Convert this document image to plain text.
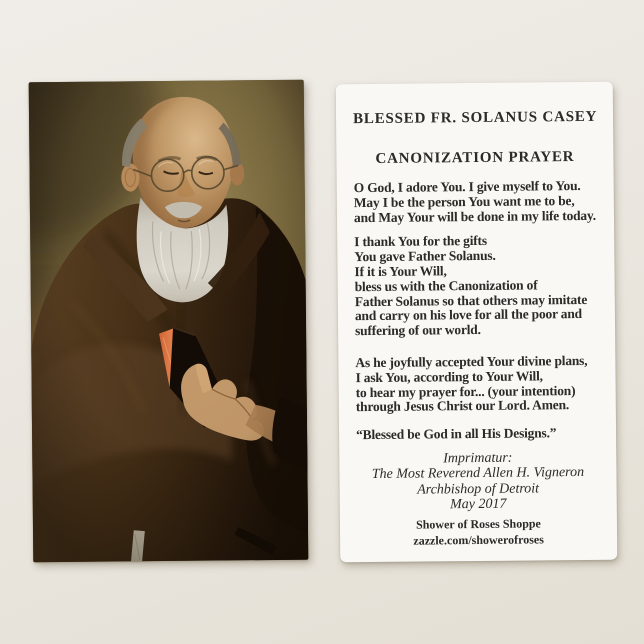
BLESSED FR. SOLANUS CASEY
CANONIZATION PRAYER
O God, I adore You. I give myself to You.
May I be the person You want me to be,
and May Your will be done in my life today.
I thank You for the gifts
You gave Father Solanus.
If it is Your Will,
bless us with the Canonization of
Father Solanus so that others may imitate
and carry on his love for all the poor and
suffering of our world.
As he joyfully accepted Your divine plans,
I ask You, according to Your Will,
to hear my prayer for... (your intention)
through Jesus Christ our Lord. Amen.
“Blessed be God in all His Designs.”
Imprimatur:
The Most Reverend Allen H. Vigneron
Archbishop of Detroit
May 2017
Shower of Roses Shoppe
zazzle.com/showerofroses
